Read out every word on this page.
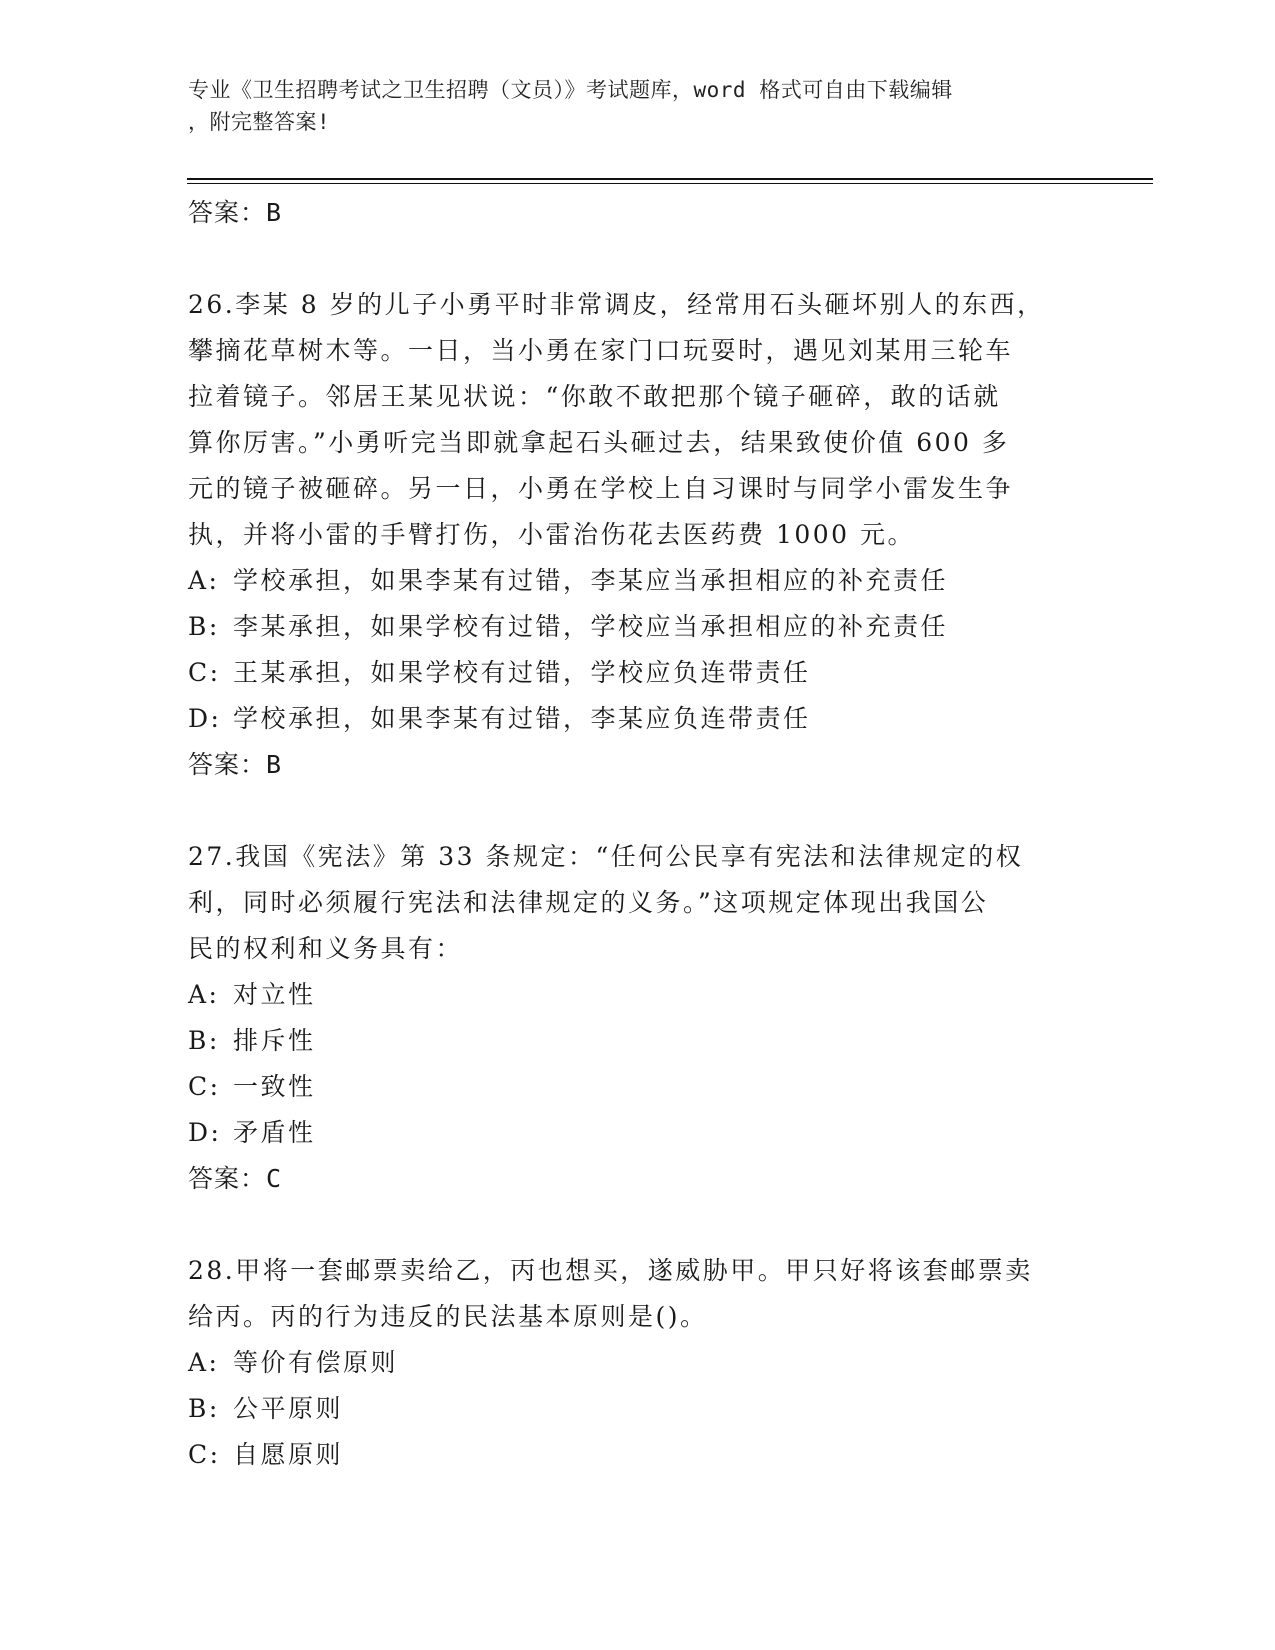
专业《卫生招聘考试之卫生招聘（文员）》考试题库，word 格式可自由下载编辑
，附完整答案!
答案：B
26.李某 8 岁的儿子小勇平时非常调皮，经常用石头砸坏别人的东西，
攀摘花草树木等。一日，当小勇在家门口玩耍时，遇见刘某用三轮车
拉着镜子。邻居王某见状说：“你敢不敢把那个镜子砸碎，敢的话就
算你厉害。”小勇听完当即就拿起石头砸过去，结果致使价值 600 多
元的镜子被砸碎。另一日，小勇在学校上自习课时与同学小雷发生争
执，并将小雷的手臂打伤，小雷治伤花去医药费 1000 元。
A: 学校承担，如果李某有过错，李某应当承担相应的补充责任
B: 李某承担，如果学校有过错，学校应当承担相应的补充责任
C: 王某承担，如果学校有过错，学校应负连带责任
D: 学校承担，如果李某有过错，李某应负连带责任
答案：B
27.我国《宪法》第 33 条规定：“任何公民享有宪法和法律规定的权
利，同时必须履行宪法和法律规定的义务。”这项规定体现出我国公
民的权利和义务具有：
A: 对立性
B: 排斥性
C: 一致性
D: 矛盾性
答案：C
28.甲将一套邮票卖给乙，丙也想买，遂威胁甲。甲只好将该套邮票卖
给丙。丙的行为违反的民法基本原则是()。
A: 等价有偿原则
B: 公平原则
C: 自愿原则
